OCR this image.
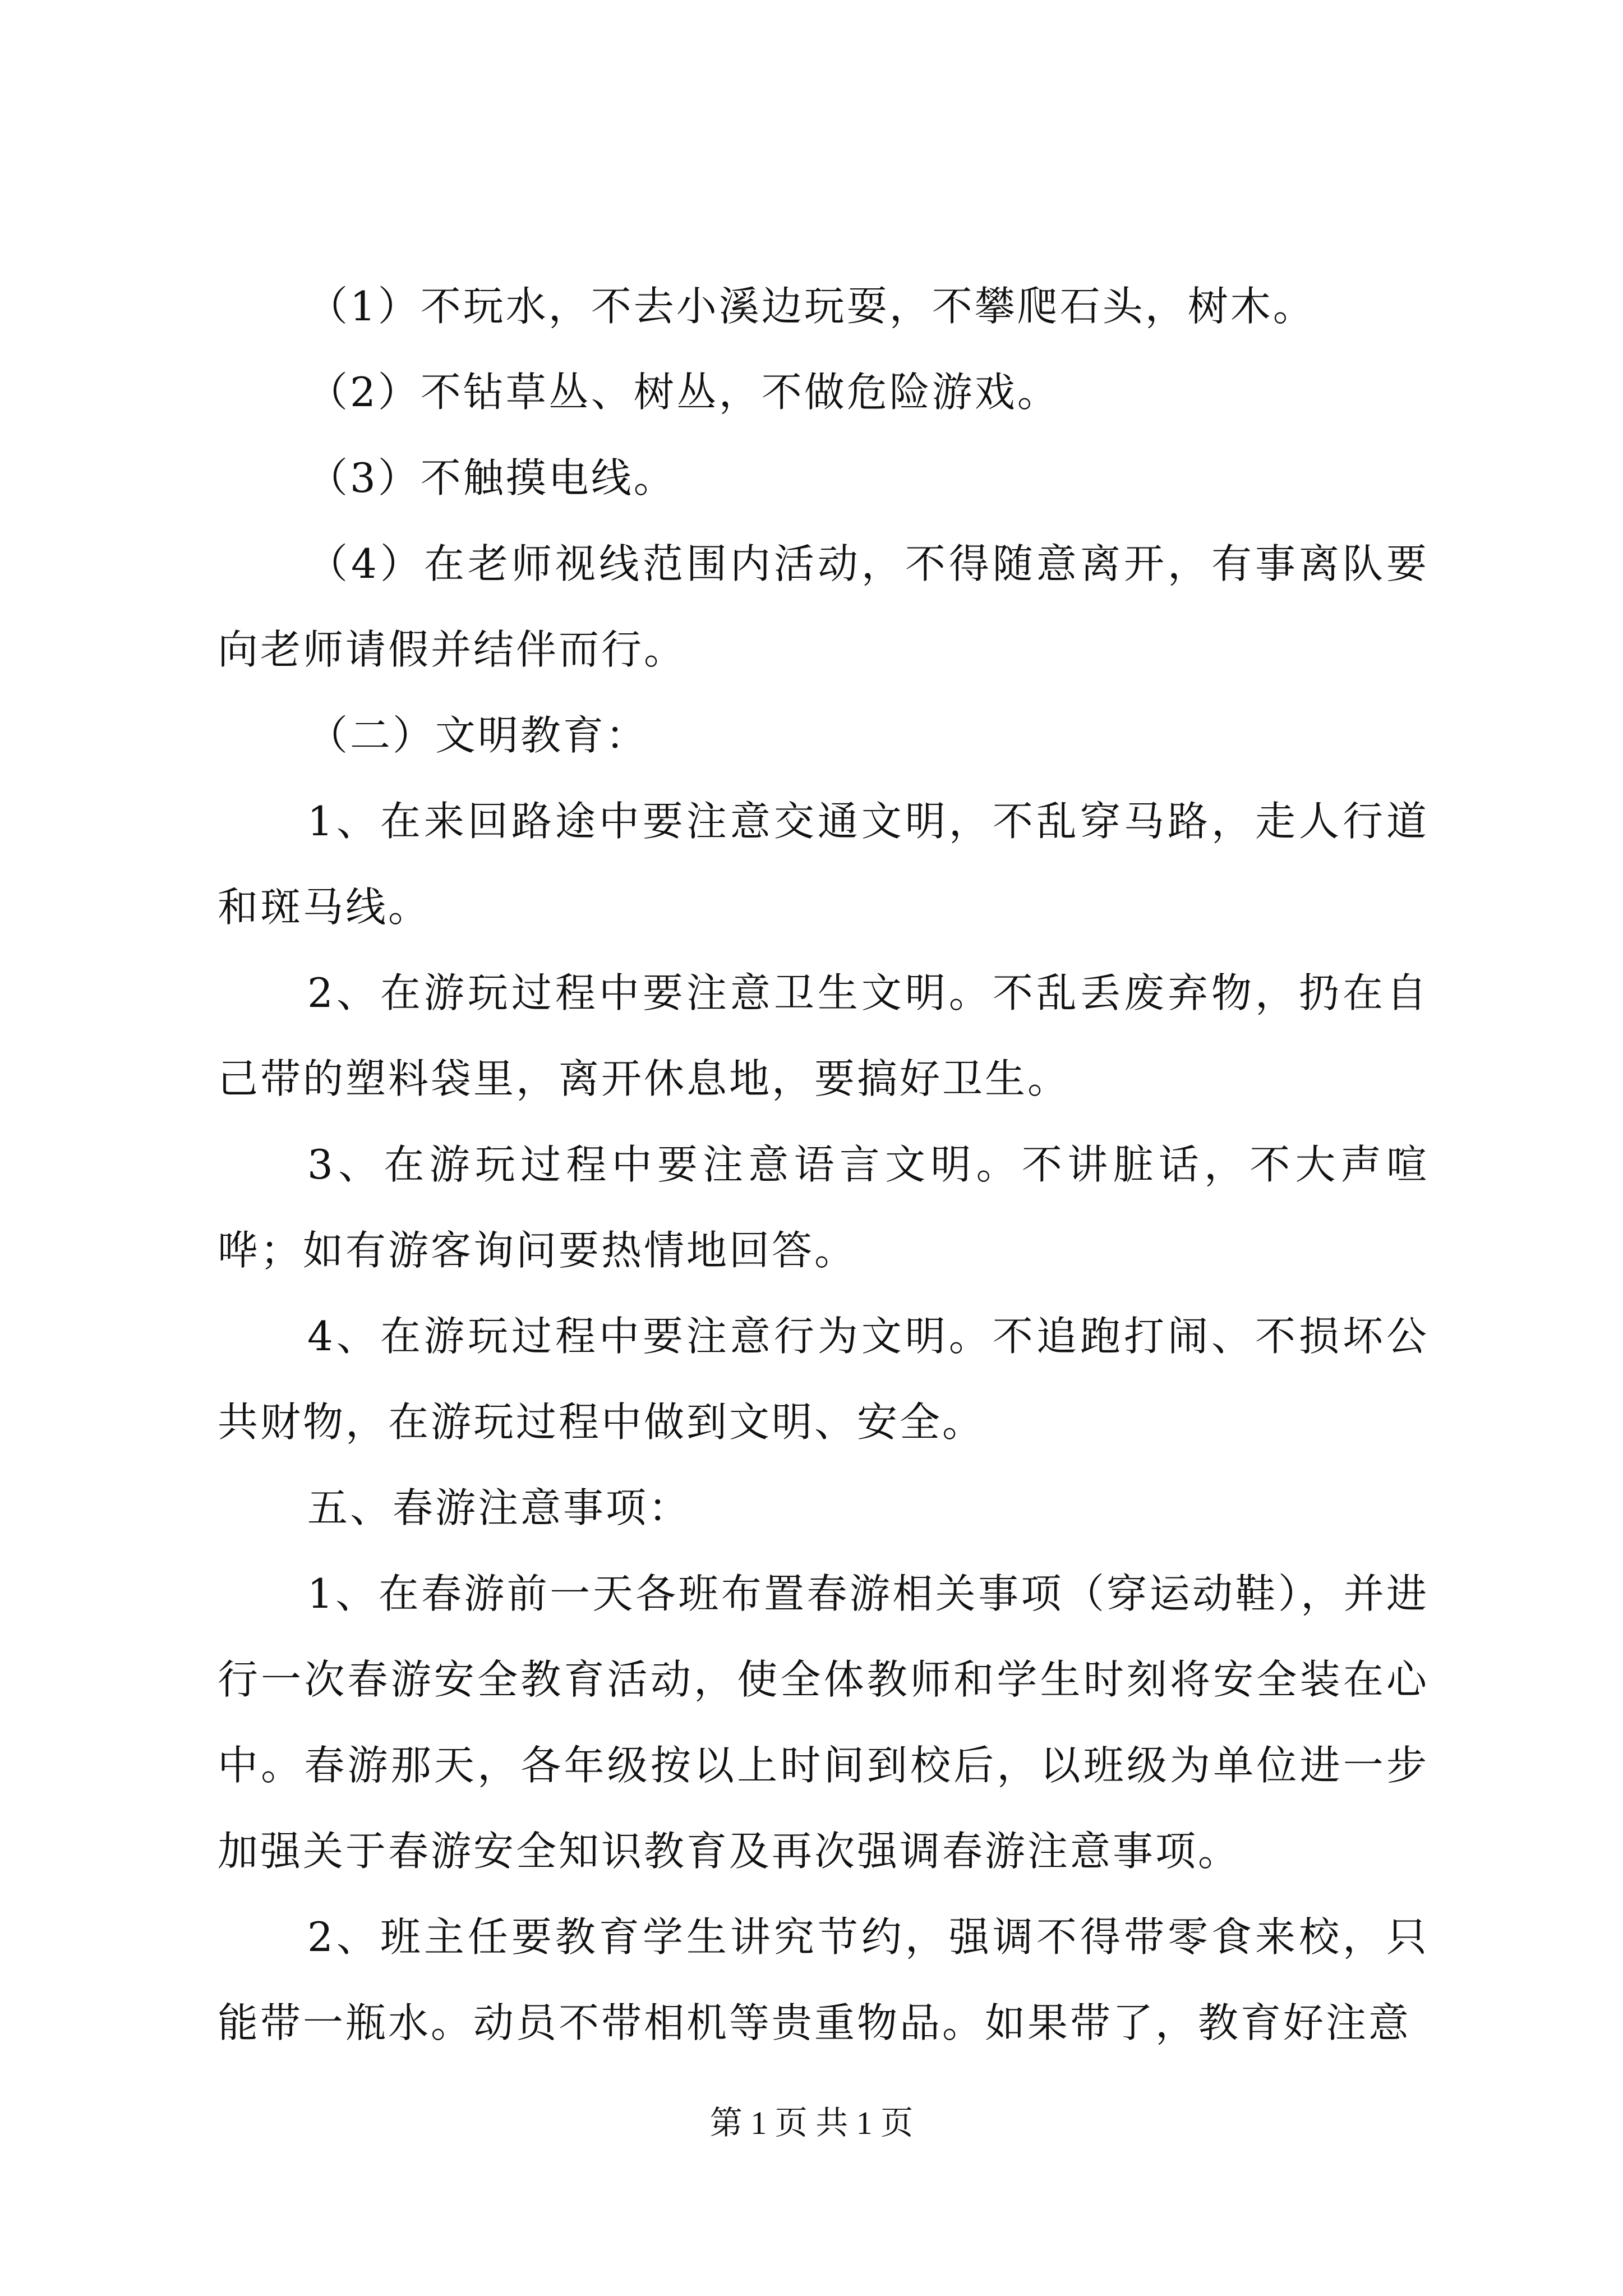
（1）不玩水，不去小溪边玩耍，不攀爬石头，树木。

（2）不钻草丛、树丛，不做危险游戏。

（3）不触摸电线。

（4）在老师视线范围内活动，不得随意离开，有事离队要向老师请假并结伴而行。

（二）文明教育：

1、在来回路途中要注意交通文明，不乱穿马路，走人行道和斑马线。

2、在游玩过程中要注意卫生文明。不乱丢废弃物，扔在自己带的塑料袋里，离开休息地，要搞好卫生。

3、在游玩过程中要注意语言文明。不讲脏话，不大声喧哗；如有游客询问要热情地回答。

4、在游玩过程中要注意行为文明。不追跑打闹、不损坏公共财物，在游玩过程中做到文明、安全。

五、春游注意事项：

1、在春游前一天各班布置春游相关事项（穿运动鞋），并进行一次春游安全教育活动，使全体教师和学生时刻将安全装在心中。春游那天，各年级按以上时间到校后，以班级为单位进一步加强关于春游安全知识教育及再次强调春游注意事项。

2、班主任要教育学生讲究节约，强调不得带零食来校，只能带一瓶水。动员不带相机等贵重物品。如果带了，教育好注意

第 1 页 共 1 页
